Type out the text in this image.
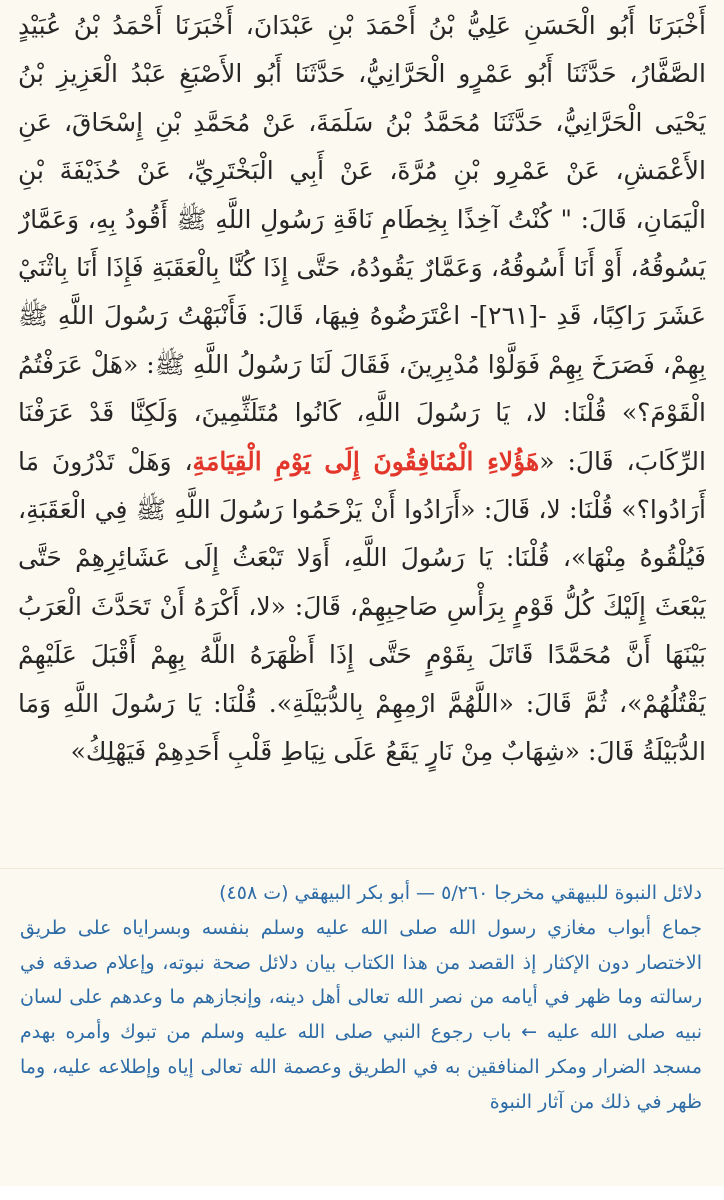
أَخْبَرَنَا أَبُو الْحَسَنِ عَلِيُّ بْنُ أَحْمَدَ بْنِ عَبْدَانَ، أَخْبَرَنَا أَحْمَدُ بْنُ عُبَيْدٍ الصَّفَّارُ، حَدَّثَنَا أَبُو عَمْرٍو الْحَرَّانِيُّ، حَدَّثَنَا أَبُو الأَصْبَغِ عَبْدُ الْعَزِيزِ بْنُ يَحْيَى الْحَرَّانِيُّ، حَدَّثَنَا مُحَمَّدُ بْنُ سَلَمَةَ، عَنْ مُحَمَّدِ بْنِ إِسْحَاقَ، عَنِ الأَعْمَشِ، عَنْ عَمْرِو بْنِ مُرَّةَ، عَنْ أَبِي الْبَخْتَرِيِّ، عَنْ حُذَيْفَةَ بْنِ الْيَمَانِ، قَالَ: " كُنْتُ آخِذًا بِخِطَامِ نَاقَةِ رَسُولِ اللَّهِ ﷺ أَقُودُ بِهِ، وَعَمَّارٌ يَسُوقُهُ، أَوْ أَنَا أَسُوقُهُ، وَعَمَّارٌ يَقُودُهُ، حَتَّى إِذَا كُنَّا بِالْعَقَبَةِ فَإِذَا أَنَا بِاثْنَيْ عَشَرَ رَاكِبًا، قَدِ -[٢٦١]- اعْتَرَضُوهُ فِيهَا، قَالَ: فَأَنْبَهْتُ رَسُولَ اللَّهِ ﷺ بِهِمْ، فَصَرَخَ بِهِمْ فَوَلَّوْا مُدْبِرِينَ، فَقَالَ لَنَا رَسُولُ اللَّهِ ﷺ: «هَلْ عَرَفْتُمُ الْقَوْمَ؟» قُلْنَا: لا، يَا رَسُولَ اللَّهِ، كَانُوا مُتَلَثِّمِينَ، وَلَكِنَّا قَدْ عَرَفْنَا الرِّكَابَ، قَالَ: «هَؤُلاءِ الْمُنَافِقُونَ إِلَى يَوْمِ الْقِيَامَةِ، وَهَلْ تَدْرُونَ مَا أَرَادُوا؟» قُلْنَا: لا، قَالَ: «أَرَادُوا أَنْ يَزْحَمُوا رَسُولَ اللَّهِ ﷺ فِي الْعَقَبَةِ، فَيُلْقُوهُ مِنْهَا»، قُلْنَا: يَا رَسُولَ اللَّهِ، أَوَلا تَبْعَثُ إِلَى عَشَائِرِهِمْ حَتَّى يَبْعَثَ إِلَيْكَ كُلُّ قَوْمٍ بِرَأْسِ صَاحِبِهِمْ، قَالَ: «لا، أَكْرَهُ أَنْ تَحَدَّثَ الْعَرَبُ بَيْنَهَا أَنَّ مُحَمَّدًا قَاتَلَ بِقَوْمٍ حَتَّى إِذَا أَظْهَرَهُ اللَّهُ بِهِمْ أَقْبَلَ عَلَيْهِمْ يَقْتُلُهُمْ»، ثُمَّ قَالَ: «اللَّهُمَّ ارْمِهِمْ بِالدُّبَيْلَةِ». قُلْنَا: يَا رَسُولَ اللَّهِ وَمَا الدُّبَيْلَةُ قَالَ: «شِهَابٌ مِنْ نَارٍ يَقَعُ عَلَى نِيَاطِ قَلْبِ أَحَدِهِمْ فَيَهْلِكُ»

دلائل النبوة للبيهقي مخرجا ٥/٢٦٠ — أبو بكر البيهقي (ت ٤٥٨)

جماع أبواب مغازي رسول الله صلى الله عليه وسلم بنفسه وبسراياه على طريق الاختصار دون الإكثار إذ القصد من هذا الكتاب بيان دلائل صحة نبوته، وإعلام صدقه في رسالته وما ظهر في أيامه من نصر الله تعالى أهل دينه، وإنجازهم ما وعدهم على لسان نبيه صلى الله عليه ← باب رجوع النبي صلى الله عليه وسلم من تبوك وأمره بهدم مسجد الضرار ومكر المنافقين به في الطريق وعصمة الله تعالى إياه وإطلاعه عليه، وما ظهر في ذلك من آثار النبوة
